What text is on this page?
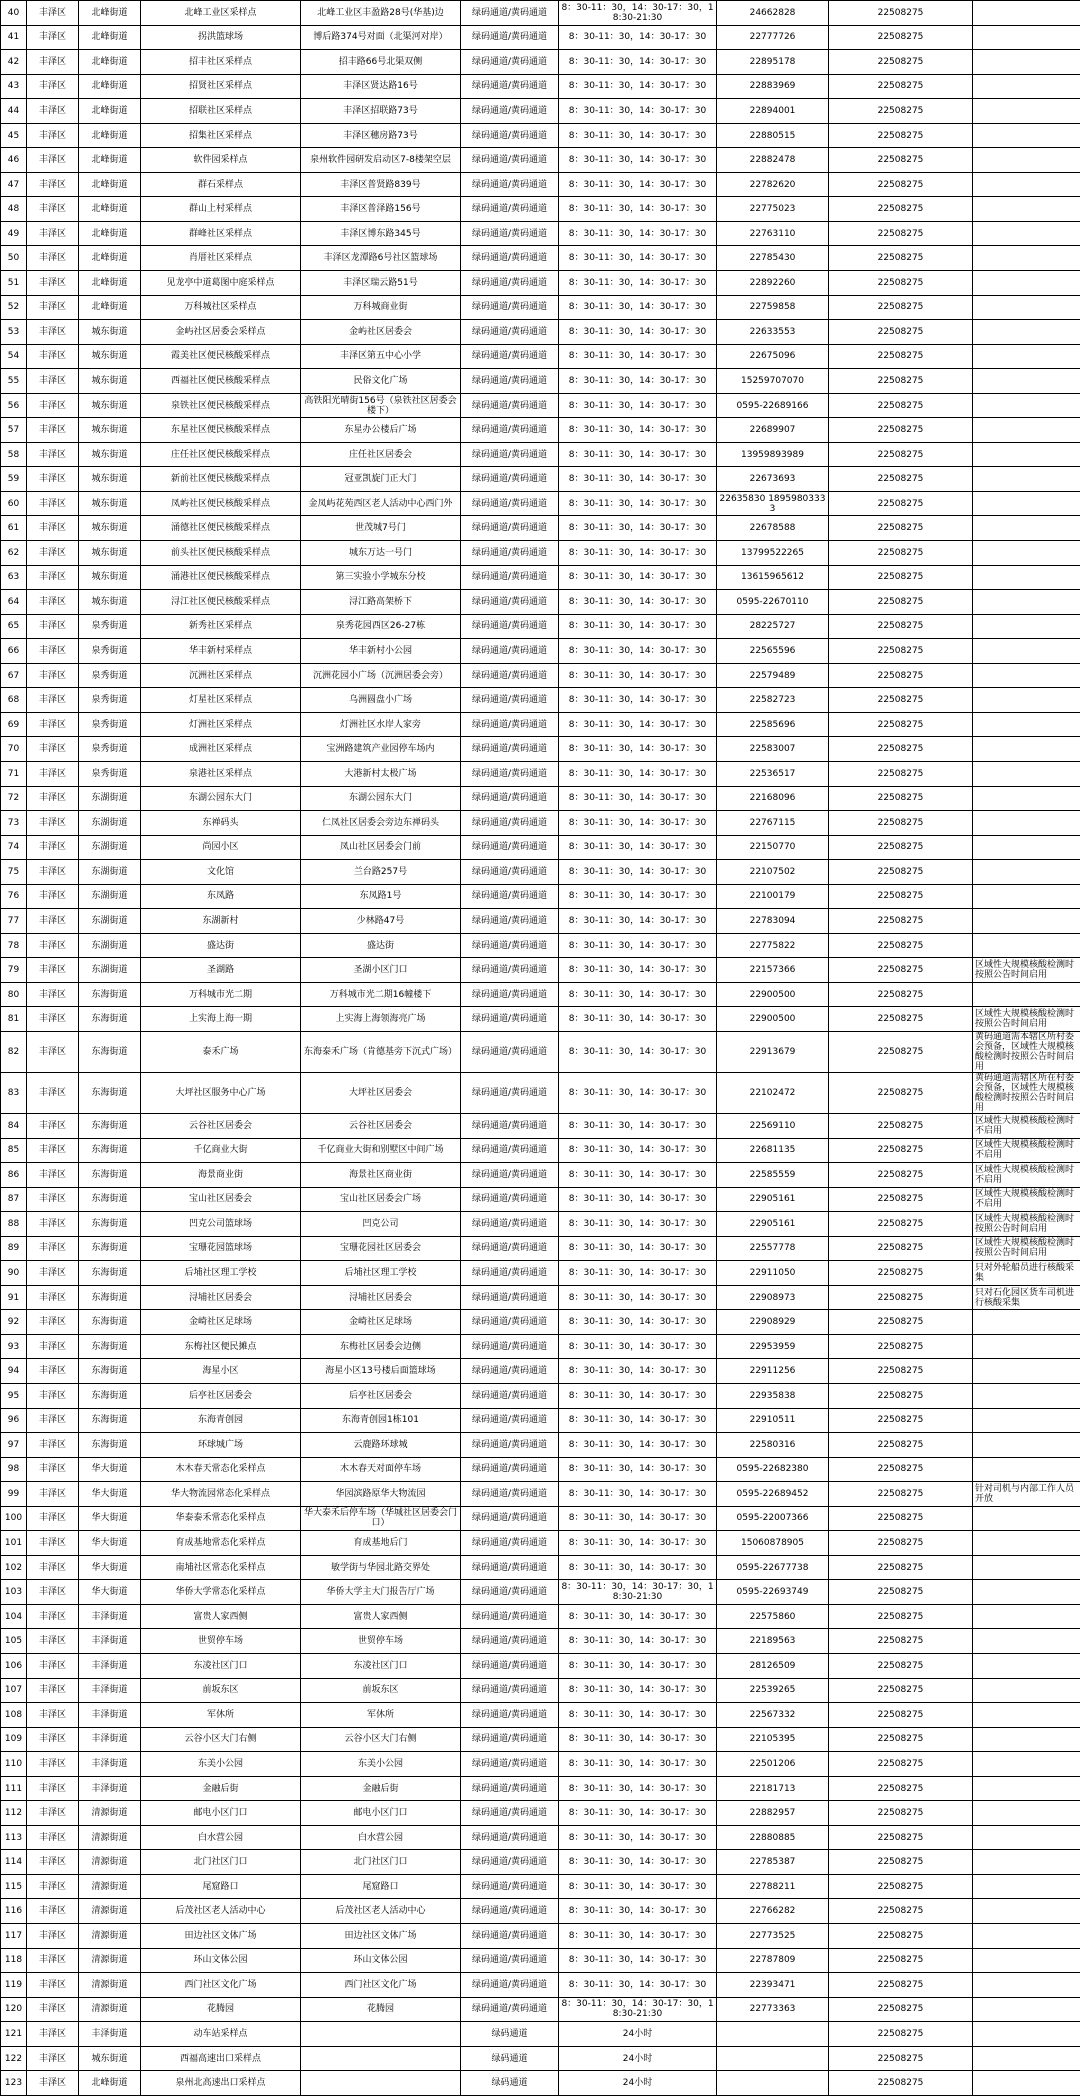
40	丰泽区	北峰街道	北峰工业区采样点	北峰工业区丰盈路28号(华基)边	绿码通道/黄码通道	8：30-11：30，14：30-17：30，18:30-21:30	24662828	22508275	

41	丰泽区	北峰街道	拐洪篮球场	博后路374号对面（北渠河对岸）	绿码通道/黄码通道	8：30-11：30，14：30-17：30	22777726	22508275	

42	丰泽区	北峰街道	招丰社区采样点	招丰路66号北渠双侧	绿码通道/黄码通道	8：30-11：30，14：30-17：30	22895178	22508275	

43	丰泽区	北峰街道	招贤社区采样点	丰泽区贤达路16号	绿码通道/黄码通道	8：30-11：30，14：30-17：30	22883969	22508275	

44	丰泽区	北峰街道	招联社区采样点	丰泽区招联路73号	绿码通道/黄码通道	8：30-11：30，14：30-17：30	22894001	22508275	

45	丰泽区	北峰街道	招集社区采样点	丰泽区穗房路73号	绿码通道/黄码通道	8：30-11：30，14：30-17：30	22880515	22508275	

46	丰泽区	北峰街道	软件园采样点	泉州软件园研发启动区7-8楼架空层	绿码通道/黄码通道	8：30-11：30，14：30-17：30	22882478	22508275	

47	丰泽区	北峰街道	群石采样点	丰泽区普贤路839号	绿码通道/黄码通道	8：30-11：30，14：30-17：30	22782620	22508275	

48	丰泽区	北峰街道	群山上村采样点	丰泽区普泽路156号	绿码通道/黄码通道	8：30-11：30，14：30-17：30	22775023	22508275	

49	丰泽区	北峰街道	群峰社区采样点	丰泽区博东路345号	绿码通道/黄码通道	8：30-11：30，14：30-17：30	22763110	22508275	

50	丰泽区	北峰街道	肖厝社区采样点	丰泽区龙潭路6号社区篮球场	绿码通道/黄码通道	8：30-11：30，14：30-17：30	22785430	22508275	

51	丰泽区	北峰街道	见龙亭中道葛图中庭采样点	丰泽区瑞云路51号	绿码通道/黄码通道	8：30-11：30，14：30-17：30	22892260	22508275	

52	丰泽区	北峰街道	万科城社区采样点	万科城商业街	绿码通道/黄码通道	8：30-11：30，14：30-17：30	22759858	22508275	

53	丰泽区	城东街道	金屿社区居委会采样点	金屿社区居委会	绿码通道/黄码通道	8：30-11：30，14：30-17：30	22633553	22508275	

54	丰泽区	城东街道	霞美社区便民核酸采样点	丰泽区第五中心小学	绿码通道/黄码通道	8：30-11：30，14：30-17：30	22675096	22508275	

55	丰泽区	城东街道	西福社区便民核酸采样点	民俗文化广场	绿码通道/黄码通道	8：30-11：30，14：30-17：30	15259707070	22508275	

56	丰泽区	城东街道	泉铁社区便民核酸采样点	高铁阳光晴街156号（泉铁社区居委会楼下）	绿码通道/黄码通道	8：30-11：30，14：30-17：30	0595-22689166	22508275	

57	丰泽区	城东街道	东星社区便民核酸采样点	东星办公楼后广场	绿码通道/黄码通道	8：30-11：30，14：30-17：30	22689907	22508275	

58	丰泽区	城东街道	庄任社区便民核酸采样点	庄任社区居委会	绿码通道/黄码通道	8：30-11：30，14：30-17：30	13959893989	22508275	

59	丰泽区	城东街道	新前社区便民核酸采样点	冠亚凯旋门正大门	绿码通道/黄码通道	8：30-11：30，14：30-17：30	22673693	22508275	

60	丰泽区	城东街道	凤屿社区便民核酸采样点	金凤屿花苑西区老人活动中心西门外	绿码通道/黄码通道	8：30-11：30，14：30-17：30	22635830 18959803333	22508275	

61	丰泽区	城东街道	涌德社区便民核酸采样点	世茂城7号门	绿码通道/黄码通道	8：30-11：30，14：30-17：30	22678588	22508275	

62	丰泽区	城东街道	前头社区便民核酸采样点	城东万达一号门	绿码通道/黄码通道	8：30-11：30，14：30-17：30	13799522265	22508275	

63	丰泽区	城东街道	涌港社区便民核酸采样点	第三实验小学城东分校	绿码通道/黄码通道	8：30-11：30，14：30-17：30	13615965612	22508275	

64	丰泽区	城东街道	浔江社区便民核酸采样点	浔江路高架桥下	绿码通道/黄码通道	8：30-11：30，14：30-17：30	0595-22670110	22508275	

65	丰泽区	泉秀街道	新秀社区采样点	泉秀花园西区26-27栋	绿码通道/黄码通道	8：30-11：30，14：30-17：30	28225727	22508275	

66	丰泽区	泉秀街道	华丰新村采样点	华丰新村小公园	绿码通道/黄码通道	8：30-11：30，14：30-17：30	22565596	22508275	

67	丰泽区	泉秀街道	沉洲社区采样点	沉洲花园小广场（沉洲居委会旁）	绿码通道/黄码通道	8：30-11：30，14：30-17：30	22579489	22508275	

68	丰泽区	泉秀街道	灯星社区采样点	乌洲圆盘小广场	绿码通道/黄码通道	8：30-11：30，14：30-17：30	22582723	22508275	

69	丰泽区	泉秀街道	灯洲社区采样点	灯洲社区水岸人家旁	绿码通道/黄码通道	8：30-11：30，14：30-17：30	22585696	22508275	

70	丰泽区	泉秀街道	成洲社区采样点	宝洲路建筑产业园停车场内	绿码通道/黄码通道	8：30-11：30，14：30-17：30	22583007	22508275	

71	丰泽区	泉秀街道	泉港社区采样点	大港新村太极广场	绿码通道/黄码通道	8：30-11：30，14：30-17：30	22536517	22508275	

72	丰泽区	东湖街道	东湖公园东大门	东湖公园东大门	绿码通道/黄码通道	8：30-11：30，14：30-17：30	22168096	22508275	

73	丰泽区	东湖街道	东禅码头	仁凤社区居委会旁边东禅码头	绿码通道/黄码通道	8：30-11：30，14：30-17：30	22767115	22508275	

74	丰泽区	东湖街道	尚园小区	凤山社区居委会门前	绿码通道/黄码通道	8：30-11：30，14：30-17：30	22150770	22508275	

75	丰泽区	东湖街道	文化馆	兰台路257号	绿码通道/黄码通道	8：30-11：30，14：30-17：30	22107502	22508275	

76	丰泽区	东湖街道	东凤路	东凤路1号	绿码通道/黄码通道	8：30-11：30，14：30-17：30	22100179	22508275	

77	丰泽区	东湖街道	东湖新村	少林路47号	绿码通道/黄码通道	8：30-11：30，14：30-17：30	22783094	22508275	

78	丰泽区	东湖街道	盛达街	盛达街	绿码通道/黄码通道	8：30-11：30，14：30-17：30	22775822	22508275	

79	丰泽区	东湖街道	圣湖路	圣湖小区门口	绿码通道/黄码通道	8：30-11：30，14：30-17：30	22157366	22508275	区域性大规模核酸检测时按照公告时间启用

80	丰泽区	东海街道	万科城市光二期	万科城市光二期16幢楼下	绿码通道/黄码通道	8：30-11：30，14：30-17：30	22900500	22508275	

81	丰泽区	东海街道	上实海上海一期	上实海上海领海亮广场	绿码通道/黄码通道	8：30-11：30，14：30-17：30	22900500	22508275	区域性大规模核酸检测时按照公告时间启用

82	丰泽区	东海街道	泰禾广场	东海泰禾广场（肯德基旁下沉式广场）	绿码通道/黄码通道	8：30-11：30，14：30-17：30	22913679	22508275	黄码通道需本辖区所村委会预备，区域性大规模核酸检测时按照公告时间启用

83	丰泽区	东海街道	大坪社区服务中心广场	大坪社区居委会	绿码通道/黄码通道	8：30-11：30，14：30-17：30	22102472	22508275	黄码通道需辖区所在村委会预备，区域性大规模核酸检测时按照公告时间启用

84	丰泽区	东海街道	云谷社区居委会	云谷社区居委会	绿码通道/黄码通道	8：30-11：30，14：30-17：30	22569110	22508275	区域性大规模核酸检测时不启用

85	丰泽区	东海街道	千亿商业大街	千亿商业大街和别墅区中间广场	绿码通道/黄码通道	8：30-11：30，14：30-17：30	22681135	22508275	区域性大规模核酸检测时不启用

86	丰泽区	东海街道	海景商业街	海景社区商业街	绿码通道/黄码通道	8：30-11：30，14：30-17：30	22585559	22508275	区域性大规模核酸检测时不启用

87	丰泽区	东海街道	宝山社区居委会	宝山社区居委会广场	绿码通道/黄码通道	8：30-11：30，14：30-17：30	22905161	22508275	区域性大规模核酸检测时不启用

88	丰泽区	东海街道	凹克公司篮球场	凹克公司	绿码通道/黄码通道	8：30-11：30，14：30-17：30	22905161	22508275	区域性大规模核酸检测时按照公告时间启用

89	丰泽区	东海街道	宝珊花园篮球场	宝珊花园社区居委会	绿码通道/黄码通道	8：30-11：30，14：30-17：30	22557778	22508275	区域性大规模核酸检测时按照公告时间启用

90	丰泽区	东海街道	后埔社区理工学校	后埔社区理工学校	绿码通道/黄码通道	8：30-11：30，14：30-17：30	22911050	22508275	只对外轮船员进行核酸采集

91	丰泽区	东海街道	浔埔社区居委会	浔埔社区居委会	绿码通道/黄码通道	8：30-11：30，14：30-17：30	22908973	22508275	只对石化园区货车司机进行核酸采集

92	丰泽区	东海街道	金崎社区足球场	金崎社区足球场	绿码通道/黄码通道	8：30-11：30，14：30-17：30	22908929	22508275	

93	丰泽区	东海街道	东梅社区便民摊点	东梅社区居委会边侧	绿码通道/黄码通道	8：30-11：30，14：30-17：30	22953959	22508275	

94	丰泽区	东海街道	海星小区	海星小区13号楼后面篮球场	绿码通道/黄码通道	8：30-11：30，14：30-17：30	22911256	22508275	

95	丰泽区	东海街道	后亭社区居委会	后亭社区居委会	绿码通道/黄码通道	8：30-11：30，14：30-17：30	22935838	22508275	

96	丰泽区	东海街道	东海青创园	东海青创园1栋101	绿码通道/黄码通道	8：30-11：30，14：30-17：30	22910511	22508275	

97	丰泽区	东海街道	环球城广场	云鹿路环球城	绿码通道/黄码通道	8：30-11：30，14：30-17：30	22580316	22508275	

98	丰泽区	华大街道	木木春天常态化采样点	木木春天对面停车场	绿码通道/黄码通道	8：30-11：30，14：30-17：30	0595-22682380	22508275	

99	丰泽区	华大街道	华大物流园常态化采样点	华园滨路原华大物流园	绿码通道/黄码通道	8：30-11：30，14：30-17：30	0595-22689452	22508275	针对司机与内部工作人员开放

100	丰泽区	华大街道	华泰泰禾常态化采样点	华大泰禾后停车场（华城社区居委会门口）	绿码通道/黄码通道	8：30-11：30，14：30-17：30	0595-22007366	22508275	

101	丰泽区	华大街道	育成基地常态化采样点	育成基地后门	绿码通道/黄码通道	8：30-11：30，14：30-17：30	15060878905	22508275	

102	丰泽区	华大街道	南埔社区常态化采样点	敏学街与华园北路交界处	绿码通道/黄码通道	8：30-11：30，14：30-17：30	0595-22677738	22508275	

103	丰泽区	华大街道	华侨大学常态化采样点	华侨大学主大门报告厅广场	绿码通道/黄码通道	8：30-11：30，14：30-17：30，18:30-21:30	0595-22693749	22508275	

104	丰泽区	丰泽街道	富贵人家西侧	富贵人家西侧	绿码通道/黄码通道	8：30-11：30，14：30-17：30	22575860	22508275	

105	丰泽区	丰泽街道	世贸停车场	世贸停车场	绿码通道/黄码通道	8：30-11：30，14：30-17：30	22189563	22508275	

106	丰泽区	丰泽街道	东凌社区门口	东凌社区门口	绿码通道/黄码通道	8：30-11：30，14：30-17：30	28126509	22508275	

107	丰泽区	丰泽街道	前坂东区	前坂东区	绿码通道/黄码通道	8：30-11：30，14：30-17：30	22539265	22508275	

108	丰泽区	丰泽街道	军休所	军休所	绿码通道/黄码通道	8：30-11：30，14：30-17：30	22567332	22508275	

109	丰泽区	丰泽街道	云谷小区大门右侧	云谷小区大门右侧	绿码通道/黄码通道	8：30-11：30，14：30-17：30	22105395	22508275	

110	丰泽区	丰泽街道	东美小公园	东美小公园	绿码通道/黄码通道	8：30-11：30，14：30-17：30	22501206	22508275	

111	丰泽区	丰泽街道	金融后街	金融后街	绿码通道/黄码通道	8：30-11：30，14：30-17：30	22181713	22508275	

112	丰泽区	清源街道	邮电小区门口	邮电小区门口	绿码通道/黄码通道	8：30-11：30，14：30-17：30	22882957	22508275	

113	丰泽区	清源街道	白水营公园	白水营公园	绿码通道/黄码通道	8：30-11：30，14：30-17：30	22880885	22508275	

114	丰泽区	清源街道	北门社区门口	北门社区门口	绿码通道/黄码通道	8：30-11：30，14：30-17：30	22785387	22508275	

115	丰泽区	清源街道	尾窟路口	尾窟路口	绿码通道/黄码通道	8：30-11：30，14：30-17：30	22788211	22508275	

116	丰泽区	清源街道	后茂社区老人活动中心	后茂社区老人活动中心	绿码通道/黄码通道	8：30-11：30，14：30-17：30	22766282	22508275	

117	丰泽区	清源街道	田边社区文体广场	田边社区文体广场	绿码通道/黄码通道	8：30-11：30，14：30-17：30	22773525	22508275	

118	丰泽区	清源街道	环山文体公园	环山文体公园	绿码通道/黄码通道	8：30-11：30，14：30-17：30	22787809	22508275	

119	丰泽区	清源街道	西门社区文化广场	西门社区文化广场	绿码通道/黄码通道	8：30-11：30，14：30-17：30	22393471	22508275	

120	丰泽区	清源街道	花腾园	花腾园	绿码通道/黄码通道	8：30-11：30，14：30-17：30，18:30-21:30	22773363	22508275	

121	丰泽区	丰泽街道	动车站采样点		绿码通道	24小时		22508275	

122	丰泽区	城东街道	西福高速出口采样点		绿码通道	24小时		22508275	

123	丰泽区	北峰街道	泉州北高速出口采样点		绿码通道	24小时		22508275	
